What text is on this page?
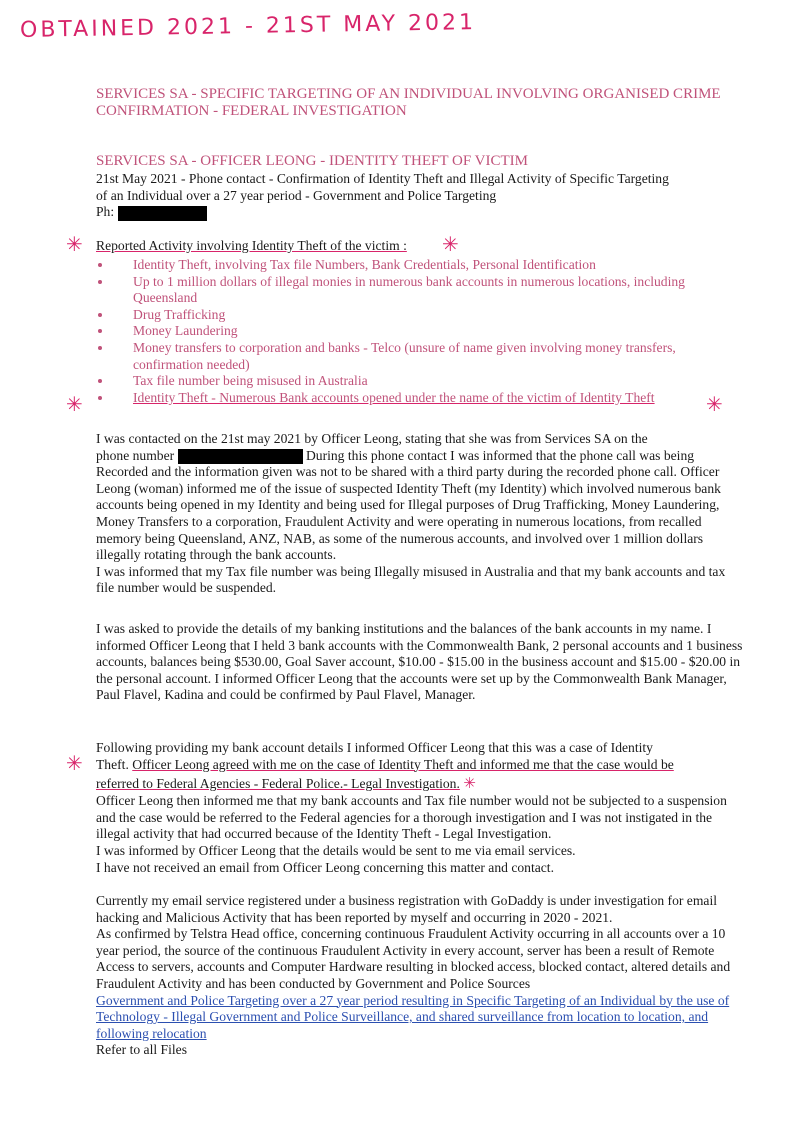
OBTAINED 2021 - 21ST MAY 2021
SERVICES SA - SPECIFIC TARGETING OF AN INDIVIDUAL INVOLVING ORGANISED CRIME
CONFIRMATION - FEDERAL INVESTIGATION
SERVICES SA - OFFICER LEONG - IDENTITY THEFT OF VICTIM
21st May 2021 - Phone contact - Confirmation of Identity Theft and Illegal Activity of Specific Targeting
of an Individual over a 27 year period - Government and Police Targeting
Ph:
✳ Reported Activity involving Identity Theft of the victim : ✳
Identity Theft, involving Tax file Numbers, Bank Credentials, Personal Identification
Up to 1 million dollars of illegal monies in numerous bank accounts in numerous locations, including Queensland
Drug Trafficking
Money Laundering
Money transfers to corporation and banks - Telco (unsure of name given involving money transfers, confirmation needed)
Tax file number being misused in Australia
Identity Theft - Numerous Bank accounts opened under the name of the victim of Identity Theft
✳	✳

I was contacted on the 21st may 2021 by Officer Leong, stating that she was from Services SA on the

phone number	During this phone contact I was informed that the phone call was being Recorded and the information given was not to be shared with a third party during the recorded phone call. Officer Leong (woman) informed me of the issue of suspected Identity Theft (my Identity) which involved numerous bank accounts being opened in my Identity and being used for Illegal purposes of Drug Trafficking, Money Laundering, Money Transfers to a corporation, Fraudulent Activity and were operating in numerous locations, from recalled memory being Queensland, ANZ, NAB, as some of the numerous accounts, and involved over 1 million dollars illegally rotating through the bank accounts.

I was informed that my Tax file number was being Illegally misused in Australia and that my bank accounts and tax file number would be suspended.

I was asked to provide the details of my banking institutions and the balances of the bank accounts in my name. I informed Officer Leong that I held 3 bank accounts with the Commonwealth Bank, 2 personal accounts and 1 business accounts, balances being $530.00, Goal Saver account, $10.00 - $15.00 in the business account and $15.00 - $20.00 in the personal account. I informed Officer Leong that the accounts were set up by the Commonwealth Bank Manager, Paul Flavel, Kadina and could be confirmed by Paul Flavel, Manager.
✳

Following providing my bank account details I informed Officer Leong that this was a case of Identity

Theft. Officer Leong agreed with me on the case of Identity Theft and informed me that the case would be

referred to Federal Agencies - Federal Police.- Legal Investigation. ✳

Officer Leong then informed me that my bank accounts and Tax file number would not be subjected to a suspension and the case would be referred to the Federal agencies for a thorough investigation and I was not instigated in the illegal activity that had occurred because of the Identity Theft - Legal Investigation.

I was informed by Officer Leong that the details would be sent to me via email services.

I have not received an email from Officer Leong concerning this matter and contact.

Currently my email service registered under a business registration with GoDaddy is under investigation for email hacking and Malicious Activity that has been reported by myself and occurring in 2020 - 2021.

As confirmed by Telstra Head office, concerning continuous Fraudulent Activity occurring in all accounts over a 10 year period, the source of the continuous Fraudulent Activity in every account, server has been a result of Remote Access to servers, accounts and Computer Hardware resulting in blocked access, blocked contact, altered details and Fraudulent Activity and has been conducted by Government and Police Sources

Government and Police Targeting over a 27 year period resulting in Specific Targeting of an Individual by the use of Technology - Illegal Government and Police Surveillance, and shared surveillance from location to location, and following relocation

Refer to all Files
